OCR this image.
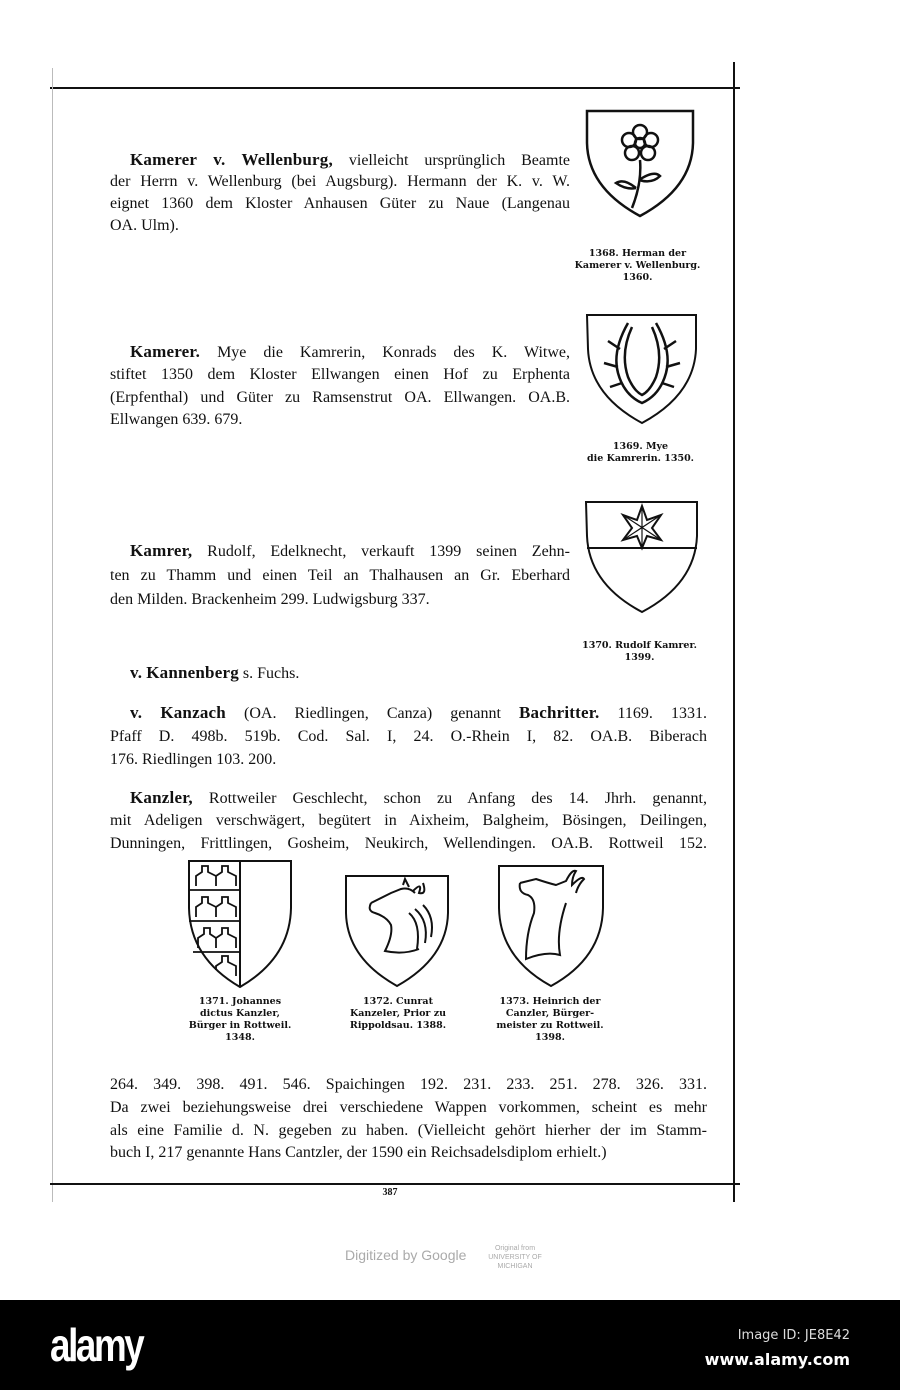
Kamerer v. Wellenburg, vielleicht ursprünglich Beamte
der Herrn v. Wellenburg (bei Augsburg). Hermann der K. v. W.
eignet 1360 dem Kloster Anhausen Güter zu Naue (Langenau
OA. Ulm).
Kamerer. Mye die Kamrerin, Konrads des K. Witwe,
stiftet 1350 dem Kloster Ellwangen einen Hof zu Erphenta
(Erpfenthal) und Güter zu Ramsenstrut OA. Ellwangen. OA.B.
Ellwangen 639. 679.
Kamrer, Rudolf, Edelknecht, verkauft 1399 seinen Zehn-
ten zu Thamm und einen Teil an Thalhausen an Gr. Eberhard
den Milden. Brackenheim 299. Ludwigsburg 337.
v. Kannenberg s. Fuchs.
v. Kanzach (OA. Riedlingen, Canza) genannt Bachritter. 1169. 1331.
Pfaff D. 498b. 519b. Cod. Sal. I, 24. O.-Rhein I, 82. OA.B. Biberach
176. Riedlingen 103. 200.
Kanzler, Rottweiler Geschlecht, schon zu Anfang des 14. Jhrh. genannt,
mit Adeligen verschwägert, begütert in Aixheim, Balgheim, Bösingen, Deilingen,
Dunningen, Frittlingen, Gosheim, Neukirch, Wellendingen. OA.B. Rottweil 152.
264. 349. 398. 491. 546. Spaichingen 192. 231. 233. 251. 278. 326. 331.
Da zwei beziehungsweise drei verschiedene Wappen vorkommen, scheint es mehr
als eine Familie d. N. gegeben zu haben. (Vielleicht gehört hierher der im Stamm-
buch I, 217 genannte Hans Cantzler, der 1590 ein Reichsadelsdiplom erhielt.)
1368. Herman der
Kamerer v. Wellenburg.
1360.
1369. Mye
die Kamrerin. 1350.
1370. Rudolf Kamrer.
1399.
1371. Johannes
dictus Kanzler,
Bürger in Rottweil.
1348.
1372. Cunrat
Kanzeler, Prior zu
Rippoldsau. 1388.
1373. Heinrich der
Canzler, Bürger-
meister zu Rottweil.
1398.
387
Digitized by Google	Original from
UNIVERSITY OF MICHIGAN
alamy	Image ID: JE8E42
www.alamy.com
